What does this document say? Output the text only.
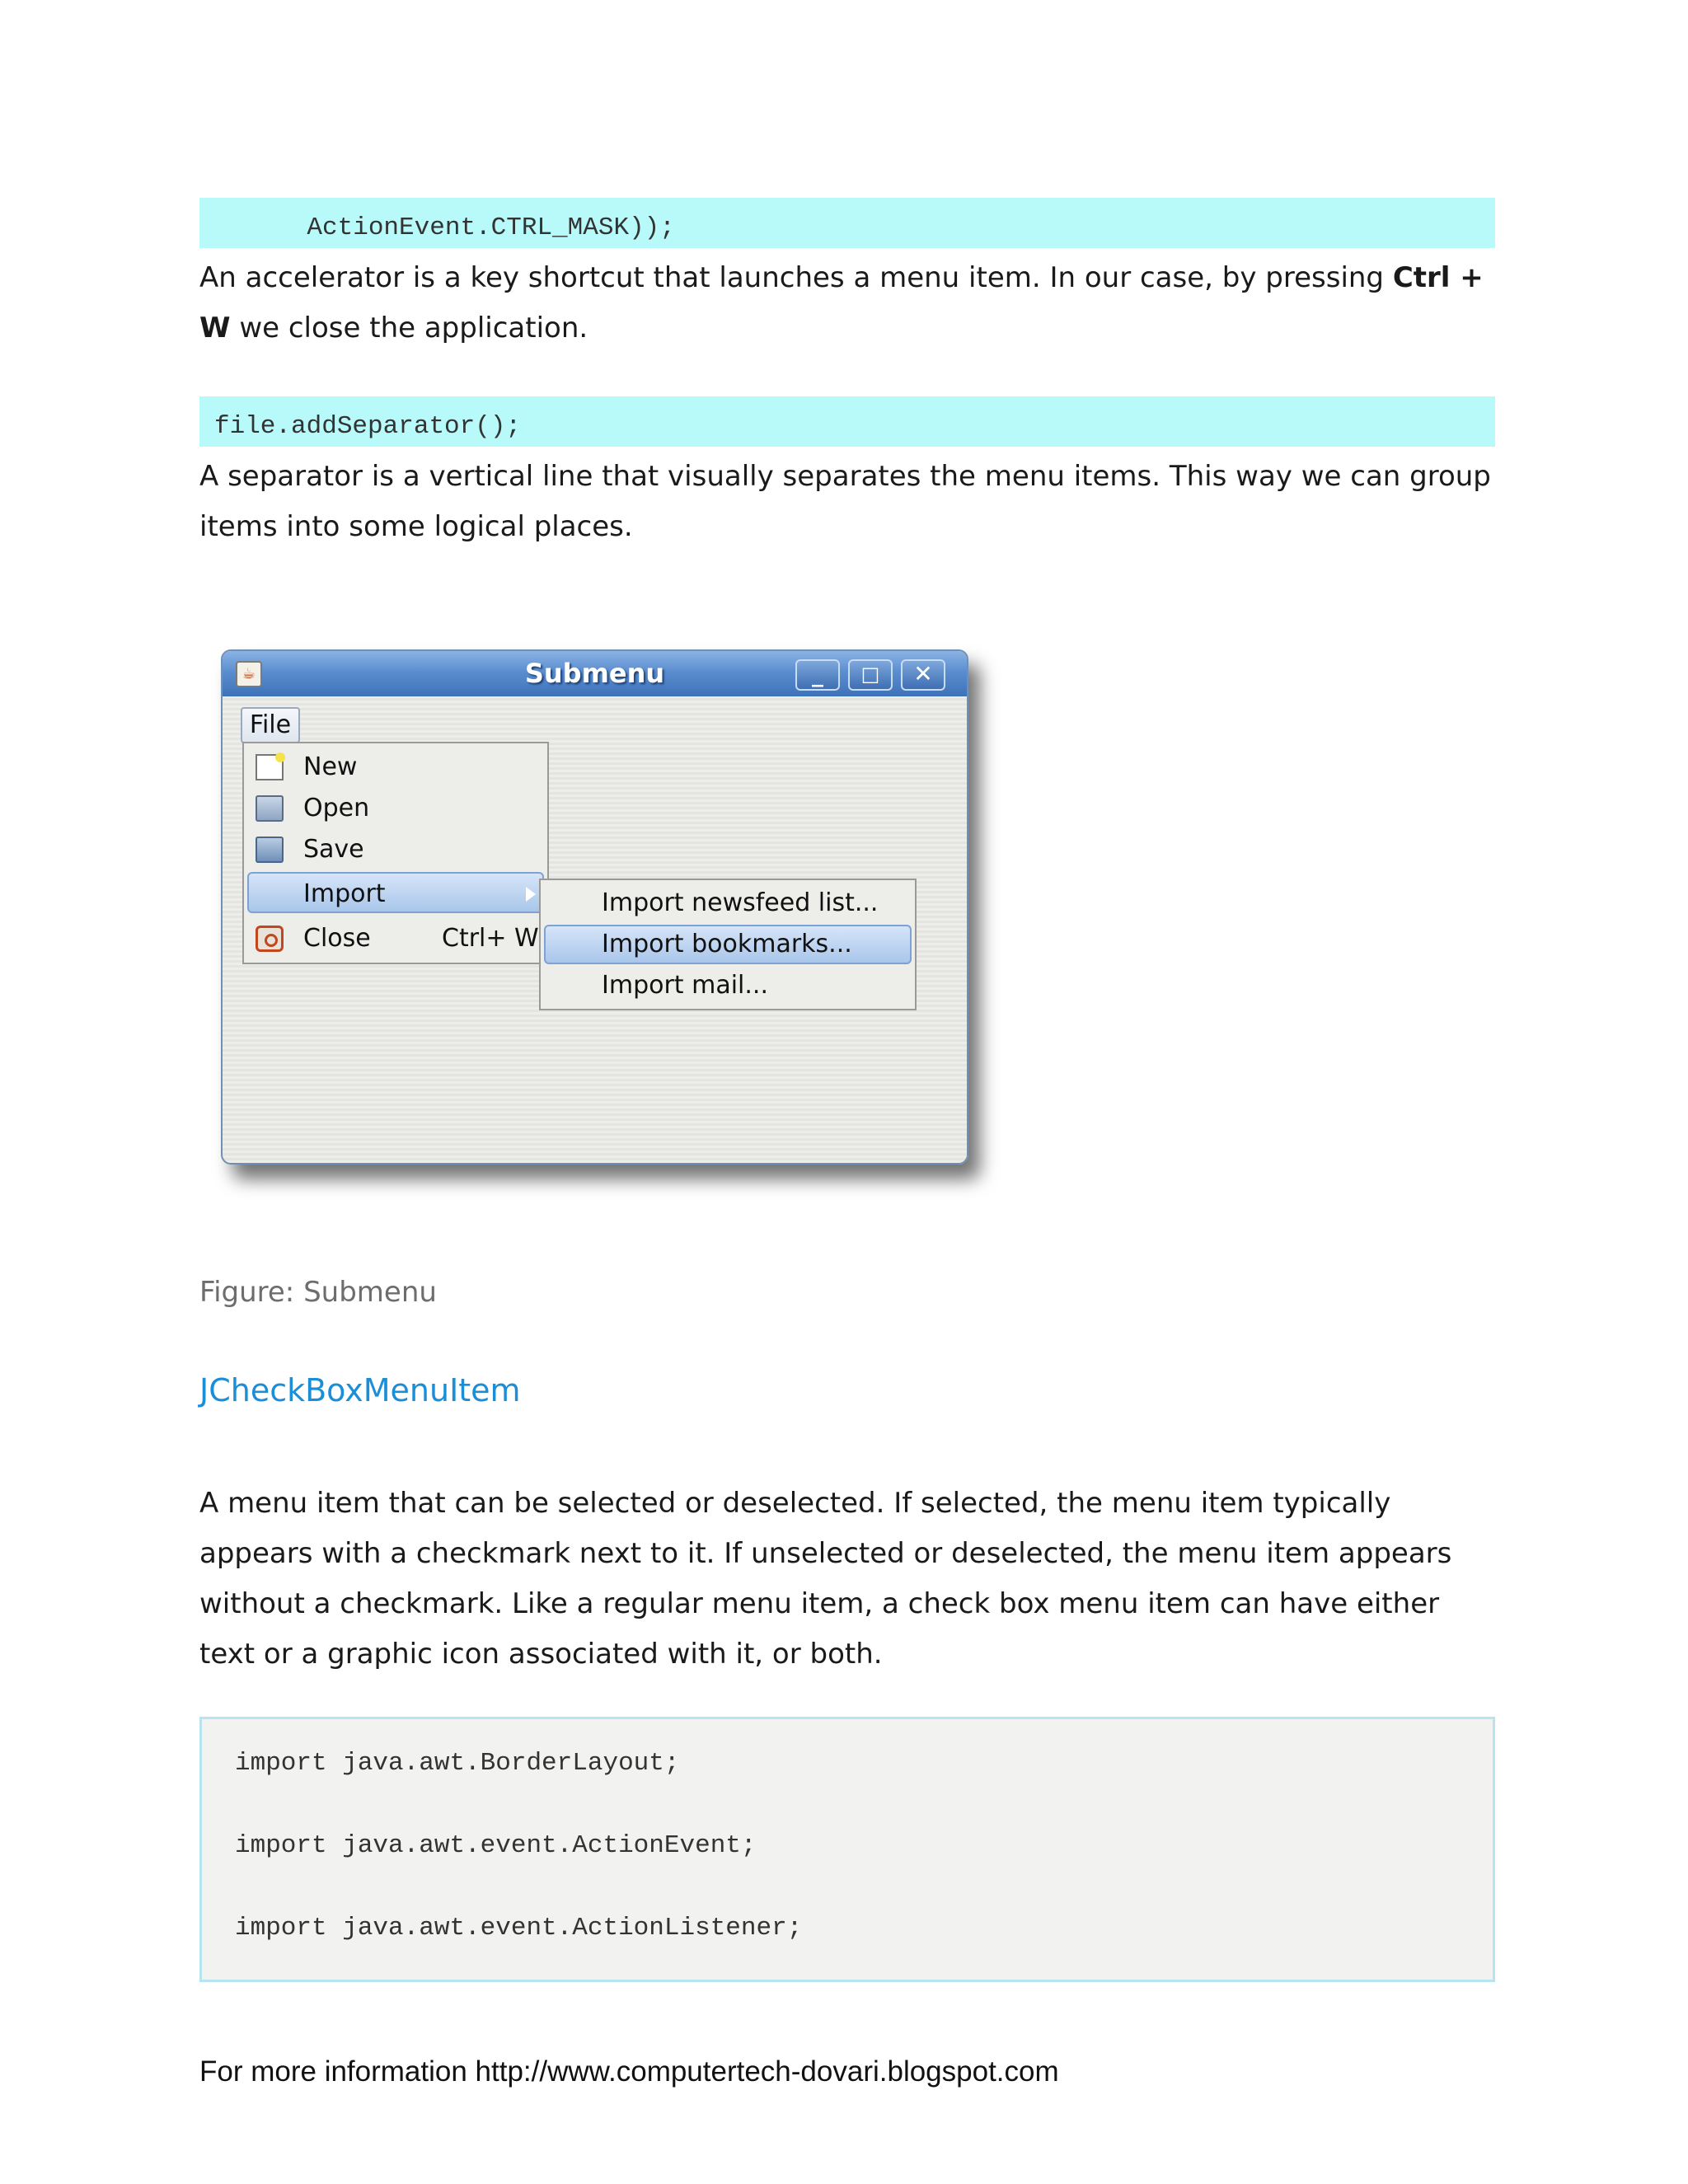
ActionEvent.CTRL_MASK));

An accelerator is a key shortcut that launches a menu item. In our case, by pressing Ctrl +
W we close the application.

file.addSeparator();

A separator is a vertical line that visually separates the menu items. This way we can group items into some logical places.

☕	Submenu	_	□	✕
File
New
Open
Save
Import
Close	Ctrl+ W
Import newsfeed list...
Import bookmarks...
Import mail...

Figure: Submenu

JCheckBoxMenuItem

A menu item that can be selected or deselected. If selected, the menu item typically appears with a checkmark next to it. If unselected or deselected, the menu item appears without a checkmark. Like a regular menu item, a check box menu item can have either text or a graphic icon associated with it, or both.

import java.awt.BorderLayout;
import java.awt.event.ActionEvent;
import java.awt.event.ActionListener;
For more information http://www.computertech-dovari.blogspot.com
